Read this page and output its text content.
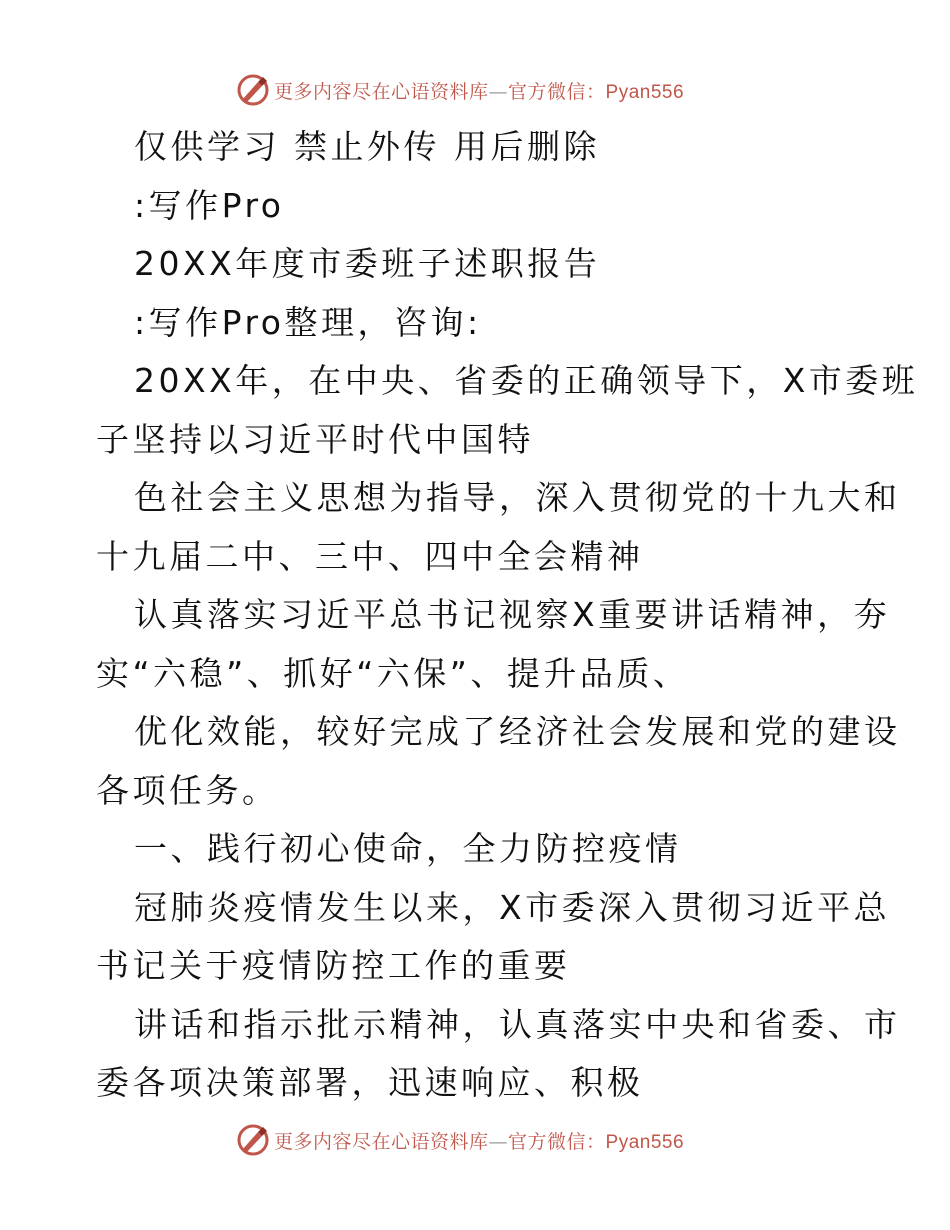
更多内容尽在心语资料库—官方微信：Pyan556
仅供学习 禁止外传 用后删除
:写作Pro
20XX年度市委班子述职报告
:写作Pro整理，咨询:
20XX年，在中央、省委的正确领导下，X市委班
子坚持以习近平时代中国特
色社会主义思想为指导，深入贯彻党的十九大和
十九届二中、三中、四中全会精神
认真落实习近平总书记视察X重要讲话精神，夯
实“六稳”、抓好“六保”、提升品质、
优化效能，较好完成了经济社会发展和党的建设
各项任务。
一、践行初心使命，全力防控疫情
冠肺炎疫情发生以来，X市委深入贯彻习近平总
书记关于疫情防控工作的重要
讲话和指示批示精神，认真落实中央和省委、市
委各项决策部署，迅速响应、积极
更多内容尽在心语资料库—官方微信：Pyan556
